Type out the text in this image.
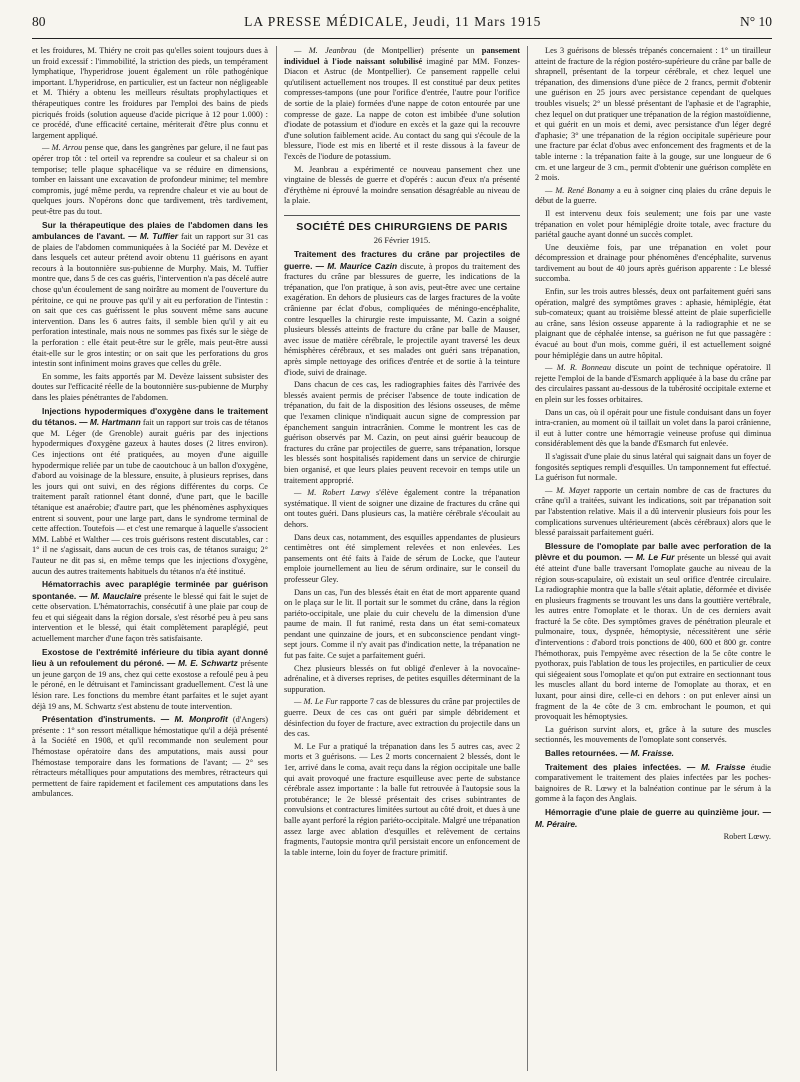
80	LA PRESSE MÉDICALE, Jeudi, 11 Mars 1915	N° 10

et les froidures, M. Thiéry ne croit pas qu'elles soient toujours dues à un froid excessif : l'immobilité, la striction des pieds, un tempérament lymphatique, l'hyperidrose jouent également un rôle pathogénique important. L'hyperidrose, en particulier, est un facteur non négligeable et M. Thiéry a obtenu les meilleurs résultats prophylactiques et thérapeutiques contre les froidures par l'emploi des bains de pieds picriqués froids (solution aqueuse d'acide picrique à 12 pour 1.000) : ce procédé, d'une efficacité certaine, mériterait d'être plus connu et largement appliqué.

— M. Arrou pense que, dans les gangrènes par gelure, il ne faut pas opérer trop tôt : tel orteil va reprendre sa couleur et sa chaleur si on temporise; telle plaque sphacélique va se réduire en dimensions, tomber en laissant une excavation de profondeur minime; tel membre compromis, jugé même perdu, va reprendre chaleur et vie au bout de quelques jours. N'opérons donc que tardivement, très tardivement, peut-être pas du tout.

Sur la thérapeutique des plaies de l'abdomen dans les ambulances de l'avant. — M. Tuffier fait un rapport sur 31 cas de plaies de l'abdomen communiquées à la Société par M. Devèze et dans lesquels cet auteur prétend avoir obtenu 11 guérisons en ayant recours à la boutonnière sus-pubienne de Murphy. Mais, M. Tuffier montre que, dans 5 de ces cas guéris, l'intervention n'a pas décelé autre chose qu'un écoulement de sang noirâtre au moment de l'ouverture du péritoine, ce qui ne prouve pas qu'il y ait eu perforation de l'intestin : on sait que ces cas guérissent le plus souvent même sans aucune intervention. Dans les 6 autres faits, il semble bien qu'il y ait eu perforation intestinale, mais nous ne sommes pas fixés sur le siège de la perforation : elle était peut-être sur le grêle, mais peut-être aussi était-elle sur le gros intestin; or on sait que les perforations du gros intestin sont infiniment moins graves que celles du grêle.

En somme, les faits apportés par M. Devèze laissent subsister des doutes sur l'efficacité réelle de la boutonnière sus-pubienne de Murphy dans les plaies pénétrantes de l'abdomen.

Injections hypodermiques d'oxygène dans le traitement du tétanos. — M. Hartmann fait un rapport sur trois cas de tétanos que M. Léger (de Grenoble) aurait guéris par des injections hypodermiques d'oxygène gazeux à hautes doses (2 litres environ). Ces injections ont été pratiquées, au moyen d'une aiguille hypodermique reliée par un tube de caoutchouc à un ballon d'oxygène, d'abord au voisinage de la blessure, ensuite, à plusieurs reprises, dans les jours qui ont suivi, en des régions différentes du corps. Ce traitement paraît rationnel étant donné, d'une part, que le bacille tétanique est anaérobie; d'autre part, que les phénomènes asphyxiques entrent si souvent, pour une large part, dans le syndrome terminal de cette affection. Toutefois — et c'est une remarque à laquelle s'associent MM. Labbé et Walther — ces trois guérisons restent discutables, car : 1° il ne s'agissait, dans aucun de ces trois cas, de tétanos suraigu; 2° l'auteur ne dit pas si, en même temps que les injections d'oxygène, aucun des autres traitements habituels du tétanos n'a été institué.

Hématorrachis avec paraplégie terminée par guérison spontanée. — M. Mauclaire présente le blessé qui fait le sujet de cette observation. L'hématorrachis, consécutif à une plaie par coup de feu et qui siégeait dans la région dorsale, s'est résorbé peu à peu sans intervention et le blessé, qui était complètement paraplégié, peut actuellement marcher d'une façon très satisfaisante.

Exostose de l'extrémité inférieure du tibia ayant donné lieu à un refoulement du péroné. — M. E. Schwartz présente un jeune garçon de 19 ans, chez qui cette exostose a refoulé peu à peu le péroné, en le détruisant et l'amincissant graduellement. C'est là une lésion rare. Les fonctions du membre étant parfaites et le sujet ayant déjà 19 ans, M. Schwartz s'est abstenu de toute intervention.

Présentation d'instruments. — M. Monprofit (d'Angers) présente : 1° son ressort métallique hémostatique qu'il a déjà présenté à la Société en 1908, et qu'il recommande non seulement pour l'hémostase opératoire dans des amputations, mais aussi pour l'hémostase temporaire dans les formations de l'avant; — 2° ses rétracteurs métalliques pour amputations des membres, rétracteurs qui permettent de faire rapidement et facilement ces amputations dans les ambulances.

— M. Jeanbrau (de Montpellier) présente un pansement individuel à l'iode naissant solubilisé imaginé par MM. Fonzes-Diacon et Astruc (de Montpellier). Ce pansement rappelle celui qu'utilisent actuellement nos troupes. Il est constitué par deux petites compresses-tampons (une pour l'orifice d'entrée, l'autre pour l'orifice de sortie de la plaie) formées d'une nappe de coton entourée par une compresse de gaze. La nappe de coton est imbibée d'une solution d'iodate de potassium et d'iodure en excès et la gaze qui la recouvre d'une solution faiblement acide. Au contact du sang qui s'écoule de la blessure, l'iode est mis en liberté et il reste dissous à la faveur de l'excès de l'iodure de potassium.

M. Jeanbrau a expérimenté ce nouveau pansement chez une vingtaine de blessés de guerre et d'opérés : aucun d'eux n'a présenté d'érythème ni éprouvé la moindre sensation désagréable au niveau de la plaie.

SOCIÉTÉ DES CHIRURGIENS DE PARIS
26 Février 1915.

Traitement des fractures du crâne par projectiles de guerre. — M. Maurice Cazin discute, à propos du traitement des fractures du crâne par blessures de guerre, les indications de la trépanation, que l'on pratique, à son avis, peut-être avec une certaine exagération. En dehors de plusieurs cas de larges fractures de la voûte crânienne par éclat d'obus, compliquées de méningo-encéphalite, contre lesquelles la chirurgie reste impuissante, M. Cazin a soigné plusieurs blessés atteints de fracture du crâne par balle de Mauser, avec issue de matière cérébrale, le projectile ayant traversé les deux hémisphères cérébraux, et ses malades ont guéri sans trépanation, après simple nettoyage des orifices d'entrée et de sortie à la teinture d'iode, suivi de drainage.

Dans chacun de ces cas, les radiographies faites dès l'arrivée des blessés avaient permis de préciser l'absence de toute indication de trépanation, du fait de la disposition des lésions osseuses, de même que l'examen clinique n'indiquait aucun signe de compression par épanchement sanguin intracrânien. Comme le montrent les cas de guérison observés par M. Cazin, on peut ainsi guérir beaucoup de fractures du crâne par projectiles de guerre, sans trépanation, lorsque les blessés sont hospitalisés rapidement dans un service de chirurgie bien organisé, et que leurs plaies peuvent recevoir en temps utile un traitement approprié.

— M. Robert Lœwy s'élève également contre la trépanation systématique. Il vient de soigner une dizaine de fractures du crâne qui ont toutes guéri. Dans plusieurs cas, la matière cérébrale s'écoulait au dehors.

Dans deux cas, notamment, des esquilles appendantes de plusieurs centimètres ont été simplement relevées et non enlevées. Les pansements ont été faits à l'aide de sérum de Locke, que l'auteur emploie journellement au lieu de sérum ordinaire, sur le conseil du professeur Gley.

Dans un cas, l'un des blessés était en état de mort apparente quand on le plaça sur le lit. Il portait sur le sommet du crâne, dans la région pariéto-occipitale, une plaie du cuir chevelu de la dimension d'une paume de main. Il fut ranimé, resta dans un état semi-comateux pendant une quinzaine de jours, et en subconscience pendant vingt-sept jours. Comme il n'y avait pas d'indication nette, la trépanation ne fut pas faite. Ce sujet a parfaitement guéri.

Chez plusieurs blessés on fut obligé d'enlever à la novocaïne-adrénaline, et à diverses reprises, de petites esquilles déterminant de la suppuration.

— M. Le Fur rapporte 7 cas de blessures du crâne par projectiles de guerre. Deux de ces cas ont guéri par simple débridement et désinfection du foyer de fracture, avec extraction du projectile dans un des cas.

M. Le Fur a pratiqué la trépanation dans les 5 autres cas, avec 2 morts et 3 guérisons. — Les 2 morts concernaient 2 blessés, dont le 1er, arrivé dans le coma, avait reçu dans la région occipitale une balle qui avait provoqué une fracture esquilleuse avec perte de substance cérébrale assez importante : la balle fut retrouvée à l'autopsie sous la protubérance; le 2e blessé présentait des crises subintrantes de convulsions et contractures limitées surtout au côté droit, et dues à une balle ayant perforé la région pariéto-occipitale. Malgré une trépanation assez large avec ablation d'esquilles et relèvement de certains fragments, l'autopsie montra qu'il persistait encore un enfoncement de la table interne, loin du foyer de fracture primitif.

Les 3 guérisons de blessés trépanés concernaient : 1° un tirailleur atteint de fracture de la région postéro-supérieure du crâne par balle de shrapnell, présentant de la torpeur cérébrale, et chez lequel une trépanation, des dimensions d'une pièce de 2 francs, permit d'obtenir une guérison en 25 jours avec persistance cependant de quelques troubles visuels; 2° un blessé présentant de l'aphasie et de l'agraphie, chez lequel on dut pratiquer une trépanation de la région mastoïdienne, et qui guérit en un mois et demi, avec persistance d'un léger degré d'aphasie; 3° une trépanation de la région occipitale supérieure pour une fracture par éclat d'obus avec enfoncement des fragments et de la table interne : la trépanation faite à la gouge, sur une longueur de 6 cm. et une largeur de 3 cm., permit d'obtenir une guérison complète en 2 mois.

— M. René Bonamy a eu à soigner cinq plaies du crâne depuis le début de la guerre.

Il est intervenu deux fois seulement; une fois par une vaste trépanation en volet pour hémiplégie droite totale, avec fracture du pariétal gauche ayant donné un succès complet.

Une deuxième fois, par une trépanation en volet pour décompression et drainage pour phénomènes d'encéphalite, survenus tardivement au bout de 40 jours après guérison apparente : Le blessé succomba.

Enfin, sur les trois autres blessés, deux ont parfaitement guéri sans opération, malgré des symptômes graves : aphasie, hémiplégie, état sub-comateux; quant au troisième blessé atteint de plaie superficielle au crâne, sans lésion osseuse apparente à la radiographie et ne se plaignant que de céphalée intense, sa guérison ne fut que passagère : évacué au bout d'un mois, comme guéri, il est actuellement soigné pour hémiplégie dans un autre hôpital.

— M. R. Bonneau discute un point de technique opératoire. Il rejette l'emploi de la bande d'Esmarch appliquée à la base du crâne par des circulaires passant au-dessous de la tubérosité occipitale externe et en plein sur les fosses orbitaires.

Dans un cas, où il opérait pour une fistule conduisant dans un foyer intra-cranien, au moment où il taillait un volet dans la paroi crânienne, il eut à lutter contre une hémorragie veineuse profuse qui diminua considérablement dès que la bande d'Esmarch fut enlevée.

Il s'agissait d'une plaie du sinus latéral qui saignait dans un foyer de fongosités septiques rempli d'esquilles. Un tamponnement fut effectué. La guérison fut normale.

— M. Mayet rapporte un certain nombre de cas de fractures du crâne qu'il a traitées, suivant les indications, soit par trépanation soit par l'abstention relative. Mais il a dû intervenir plusieurs fois pour les complications survenues ultérieurement (abcès cérébraux) alors que le blessé paraissait parfaitement guéri.

Blessure de l'omoplate par balle avec perforation de la plèvre et du poumon. — M. Le Fur présente un blessé qui avait été atteint d'une balle traversant l'omoplate gauche au niveau de la région sous-scapulaire, où existait un seul orifice d'entrée circulaire. La radiographie montra que la balle s'était aplatie, déformée et divisée en plusieurs fragments se trouvant les uns dans la gouttière vertébrale, les autres entre l'omoplate et le thorax. Un de ces derniers avait fracturé la 5e côte. Des symptômes graves de pénétration pleurale et pulmonaire, toux, dyspnée, hémoptysie, nécessitèrent une série d'interventions : d'abord trois ponctions de 400, 600 et 800 gr. contre l'hémothorax, puis l'empyème avec résection de la 5e côte contre le pyothorax, puis l'ablation de tous les projectiles, en particulier de ceux qui siégeaient sous l'omoplate et qu'on put extraire en sectionnant tous les muscles allant du bord interne de l'omoplate au thorax, et en luxant, pour ainsi dire, celle-ci en dehors : on put enlever ainsi un fragment de la 4e côte de 3 cm. embrochant le poumon, et qui provoquait les hémoptysies.

La guérison survint alors, et, grâce à la suture des muscles sectionnés, les mouvements de l'omoplate sont conservés.

Balles retournées. — M. Fraisse.

Traitement des plaies infectées. — M. Fraisse étudie comparativement le traitement des plaies infectées par les poches-baignoires de R. Lœwy et la balnéation continue par le sérum à la gomme à la façon des Anglais.

Hémorragie d'une plaie de guerre au quinzième jour. — M. Péraire.

Robert Lœwy.
